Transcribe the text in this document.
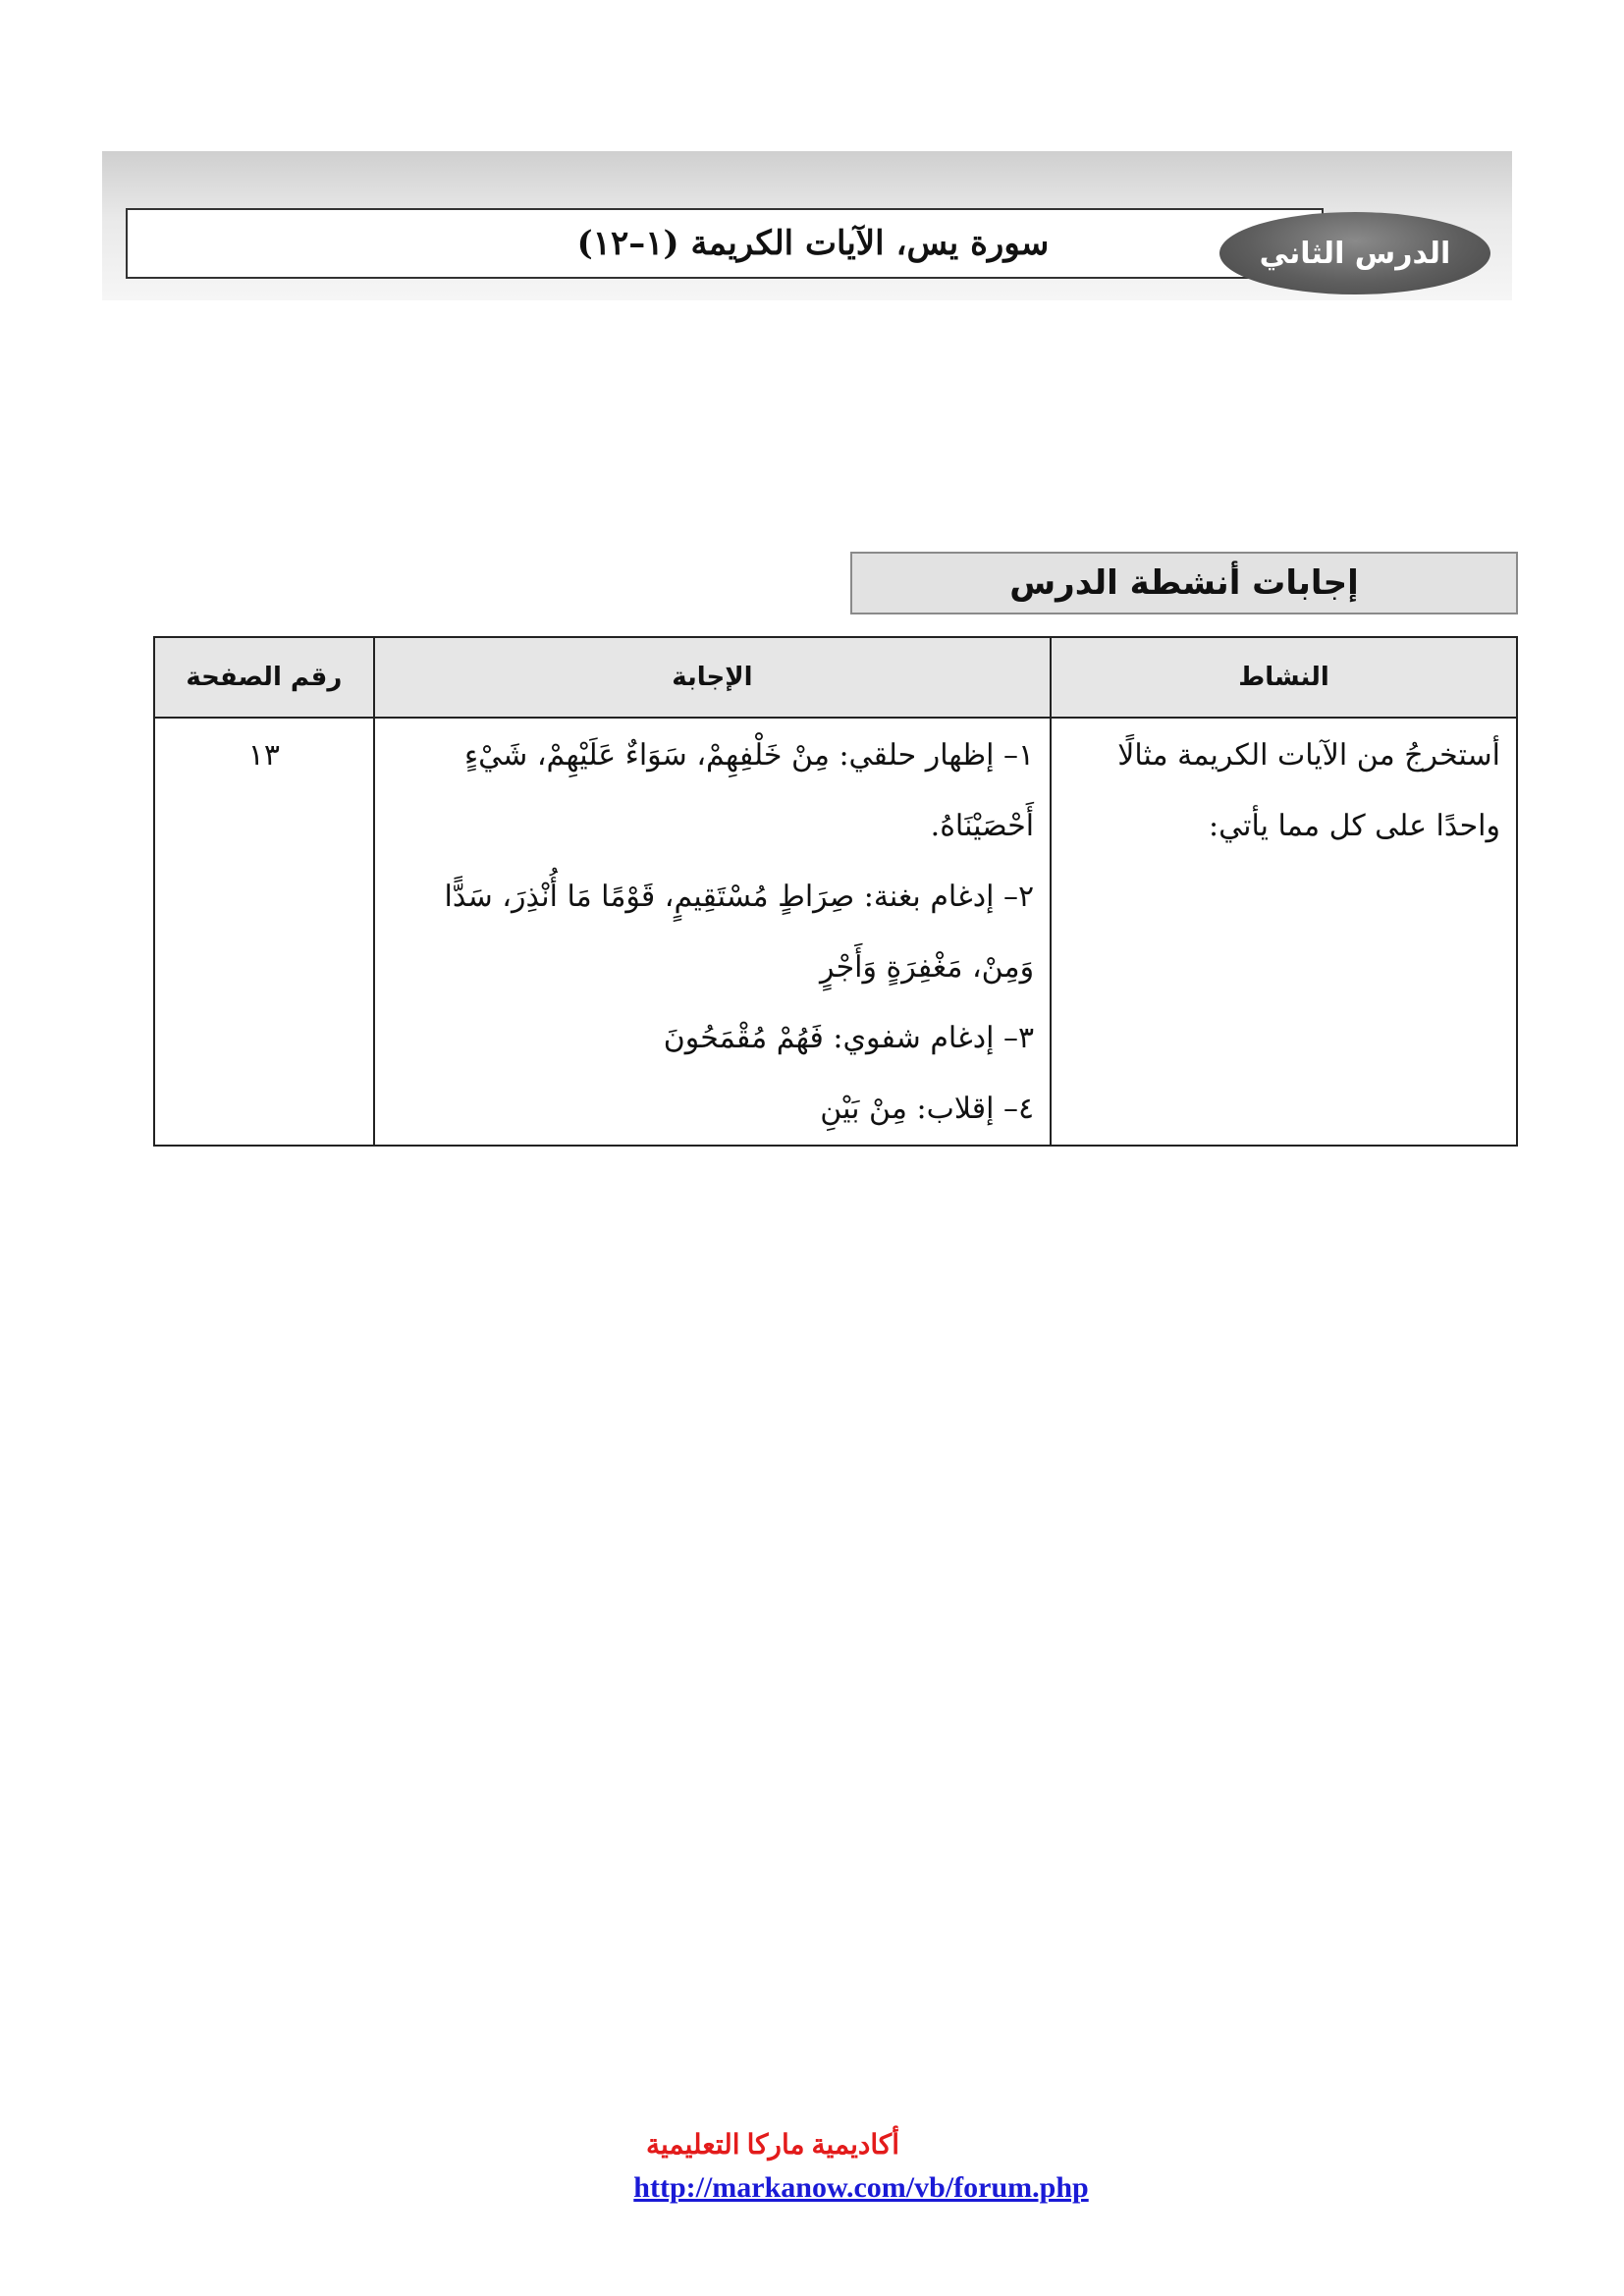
سورة يس، الآيات الكريمة (١–١٢)	الدرس الثاني
إجابات أنشطة الدرس
النشاط	الإجابة	رقم الصفحة
أستخرجُ من الآيات الكريمة مثالًا واحدًا على كل مما يأتي:	١– إظهار حلقي: مِنْ خَلْفِهِمْ، سَوَاءٌ عَلَيْهِمْ، شَيْءٍ أَحْصَيْنَاهُ.
٢– إدغام بغنة: صِرَاطٍ مُسْتَقِيمٍ، قَوْمًا مَا أُنْذِرَ، سَدًّا وَمِنْ، مَغْفِرَةٍ وَأَجْرٍ
٣– إدغام شفوي: فَهُمْ مُقْمَحُونَ
٤– إقلاب: مِنْ بَيْنِ	١٣
أكاديمية ماركا التعليمية
http://markanow.com/vb/forum.php
